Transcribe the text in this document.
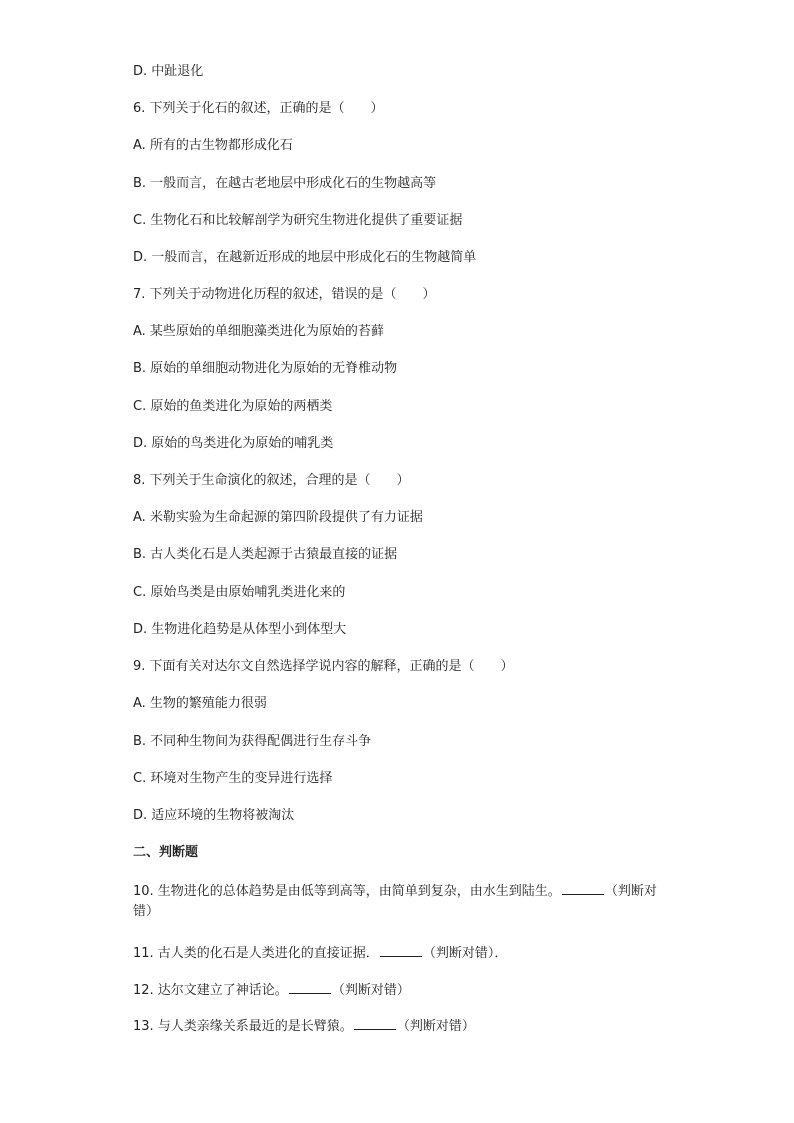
D. 中趾退化
6. 下列关于化石的叙述，正确的是（　　）
A. 所有的古生物都形成化石
B. 一般而言，在越古老地层中形成化石的生物越高等
C. 生物化石和比较解剖学为研究生物进化提供了重要证据
D. 一般而言，在越新近形成的地层中形成化石的生物越简单
7. 下列关于动物进化历程的叙述，错误的是（　　）
A. 某些原始的单细胞藻类进化为原始的苔藓
B. 原始的单细胞动物进化为原始的无脊椎动物
C. 原始的鱼类进化为原始的两栖类
D. 原始的鸟类进化为原始的哺乳类
8. 下列关于生命演化的叙述，合理的是（　　）
A. 米勒实验为生命起源的第四阶段提供了有力证据
B. 古人类化石是人类起源于古猿最直接的证据
C. 原始鸟类是由原始哺乳类进化来的
D. 生物进化趋势是从体型小到体型大
9. 下面有关对达尔文自然选择学说内容的解释，正确的是（　　）
A. 生物的繁殖能力很弱
B. 不同种生物间为获得配偶进行生存斗争
C. 环境对生物产生的变异进行选择
D. 适应环境的生物将被淘汰
二、判断题
10. 生物进化的总体趋势是由低等到高等，由简单到复杂，由水生到陆生。	（判断对错）
11. 古人类的化石是人类进化的直接证据．	（判断对错）．
12. 达尔文建立了神话论。	（判断对错）
13. 与人类亲缘关系最近的是长臂猿。	（判断对错）
